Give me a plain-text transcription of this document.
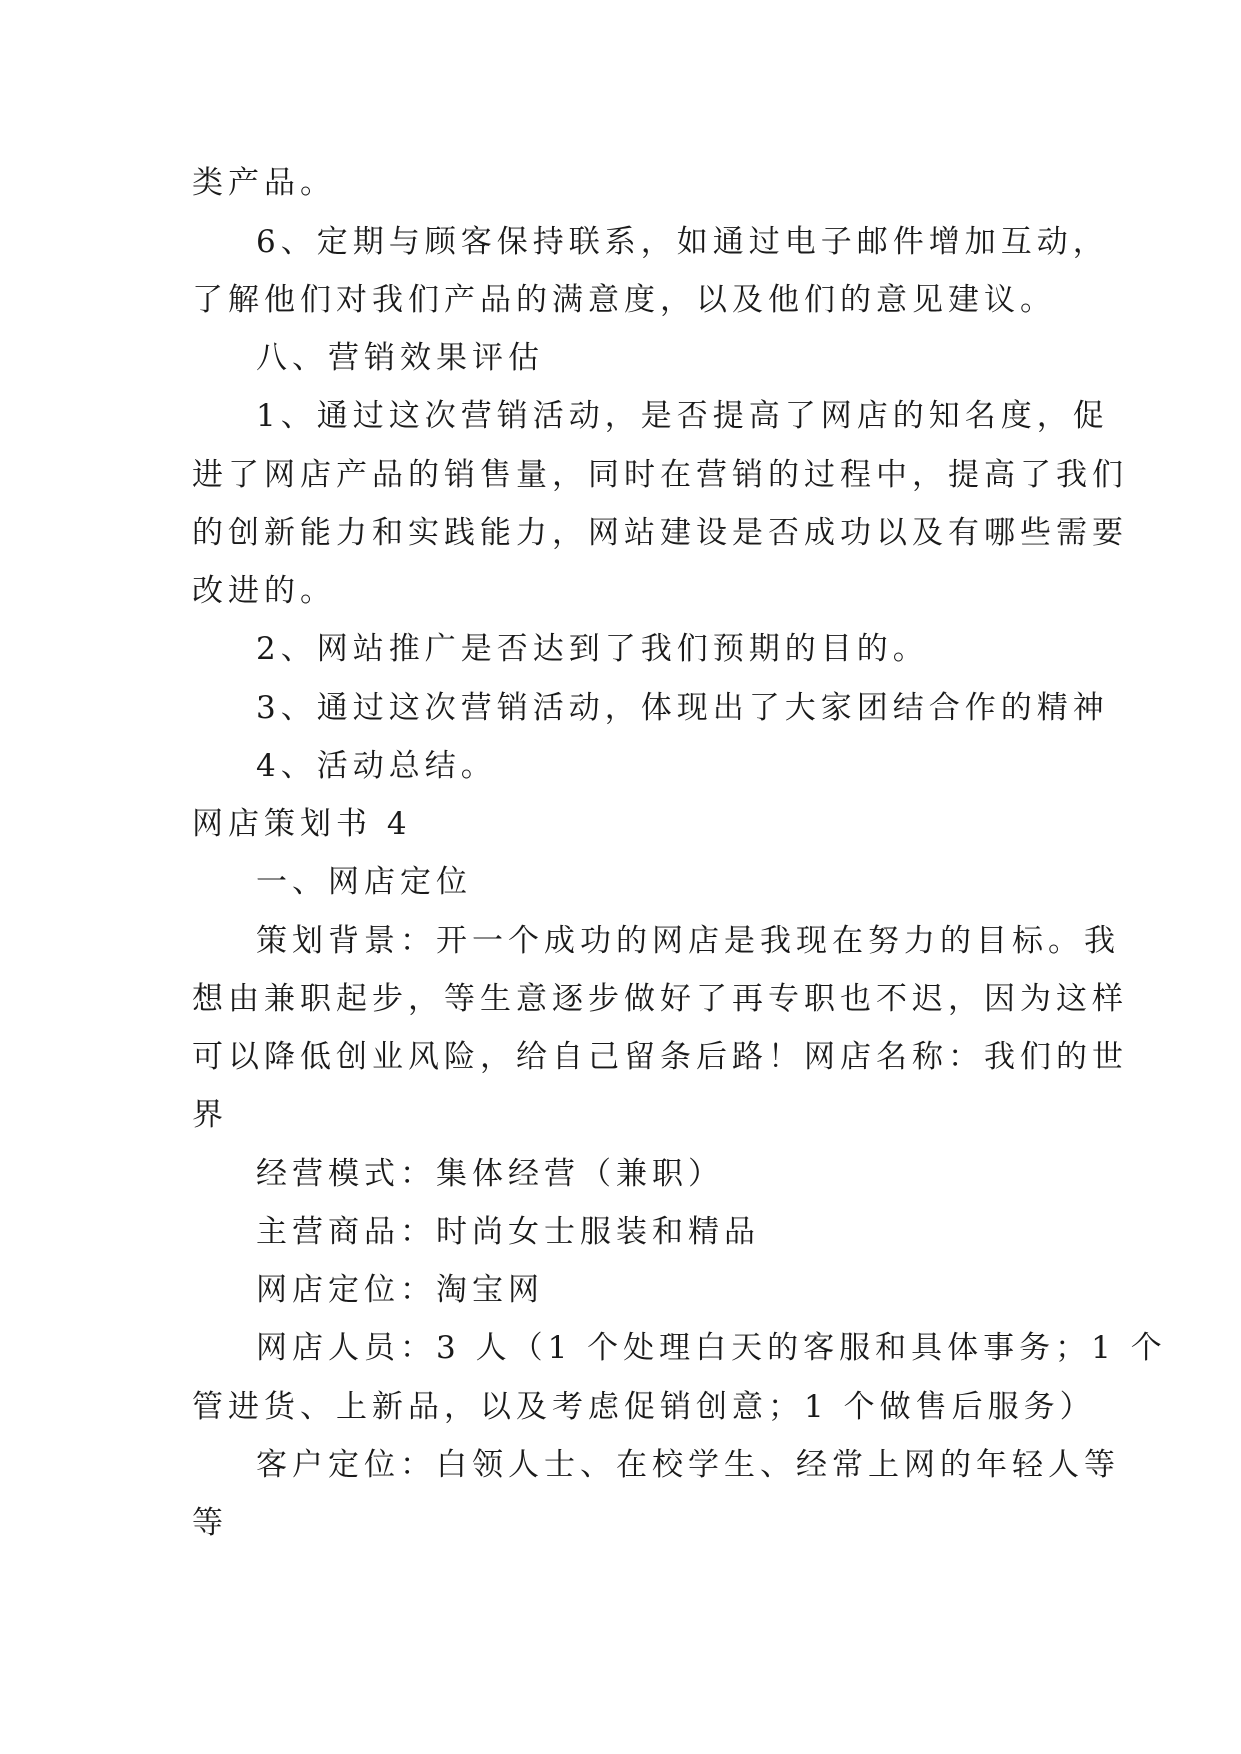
类产品。
6、定期与顾客保持联系，如通过电子邮件增加互动，
了解他们对我们产品的满意度，以及他们的意见建议。
八、营销效果评估
1、通过这次营销活动，是否提高了网店的知名度，促
进了网店产品的销售量，同时在营销的过程中，提高了我们
的创新能力和实践能力，网站建设是否成功以及有哪些需要
改进的。
2、网站推广是否达到了我们预期的目的。
3、通过这次营销活动，体现出了大家团结合作的精神
4、活动总结。
网店策划书 4
一、网店定位
策划背景：开一个成功的网店是我现在努力的目标。我
想由兼职起步，等生意逐步做好了再专职也不迟，因为这样
可以降低创业风险，给自己留条后路！网店名称：我们的世
界
经营模式：集体经营（兼职）
主营商品：时尚女士服装和精品
网店定位：淘宝网
网店人员：3 人（1 个处理白天的客服和具体事务；1 个
管进货、上新品，以及考虑促销创意；1 个做售后服务）
客户定位：白领人士、在校学生、经常上网的年轻人等
等
